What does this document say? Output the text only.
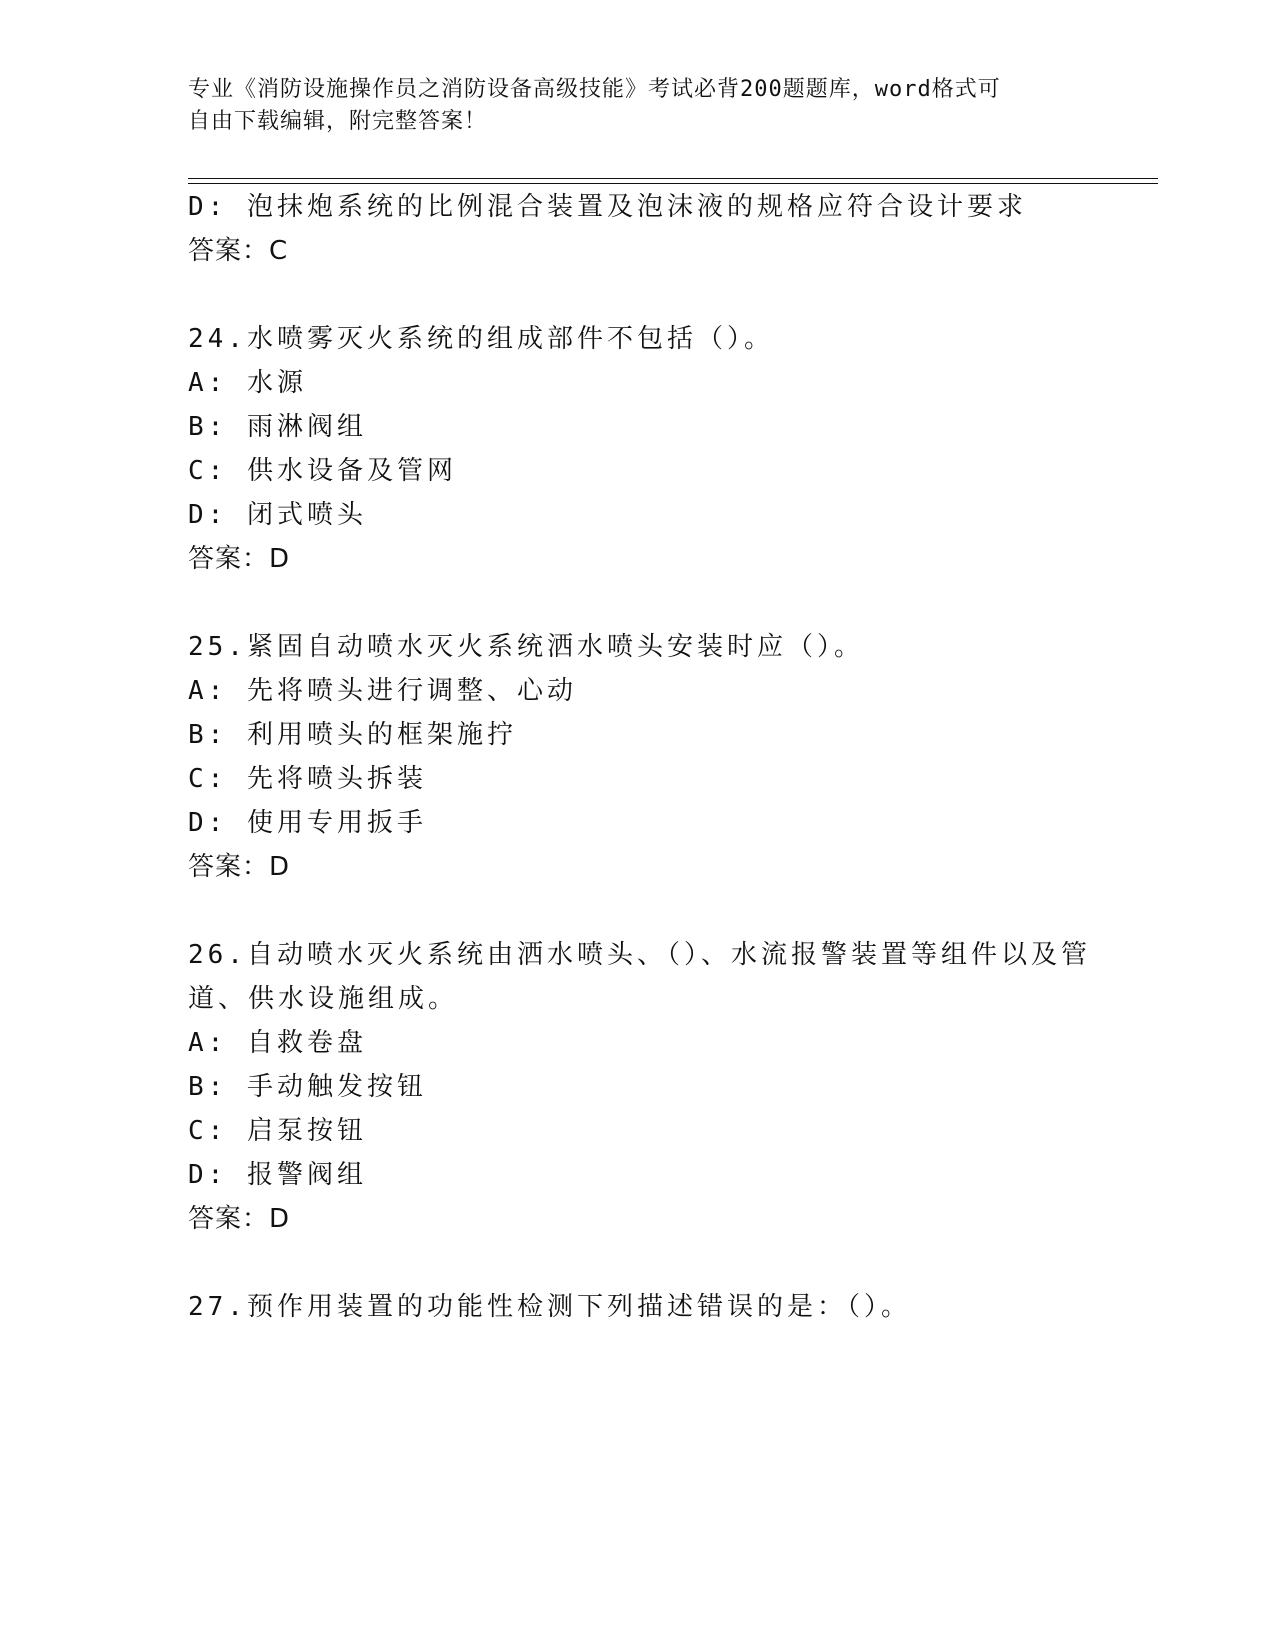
专业《消防设施操作员之消防设备高级技能》考试必背200题题库，word格式可
自由下载编辑，附完整答案！
D: 泡抹炮系统的比例混合装置及泡沫液的规格应符合设计要求
答案：C
24.水喷雾灭火系统的组成部件不包括（）。
A: 水源
B: 雨淋阀组
C: 供水设备及管网
D: 闭式喷头
答案：D
25.紧固自动喷水灭火系统洒水喷头安装时应（）。
A: 先将喷头进行调整、心动
B: 利用喷头的框架施拧
C: 先将喷头拆装
D: 使用专用扳手
答案：D
26.自动喷水灭火系统由洒水喷头、（）、水流报警装置等组件以及管
道、供水设施组成。
A: 自救卷盘
B: 手动触发按钮
C: 启泵按钮
D: 报警阀组
答案：D
27.预作用装置的功能性检测下列描述错误的是：（）。
